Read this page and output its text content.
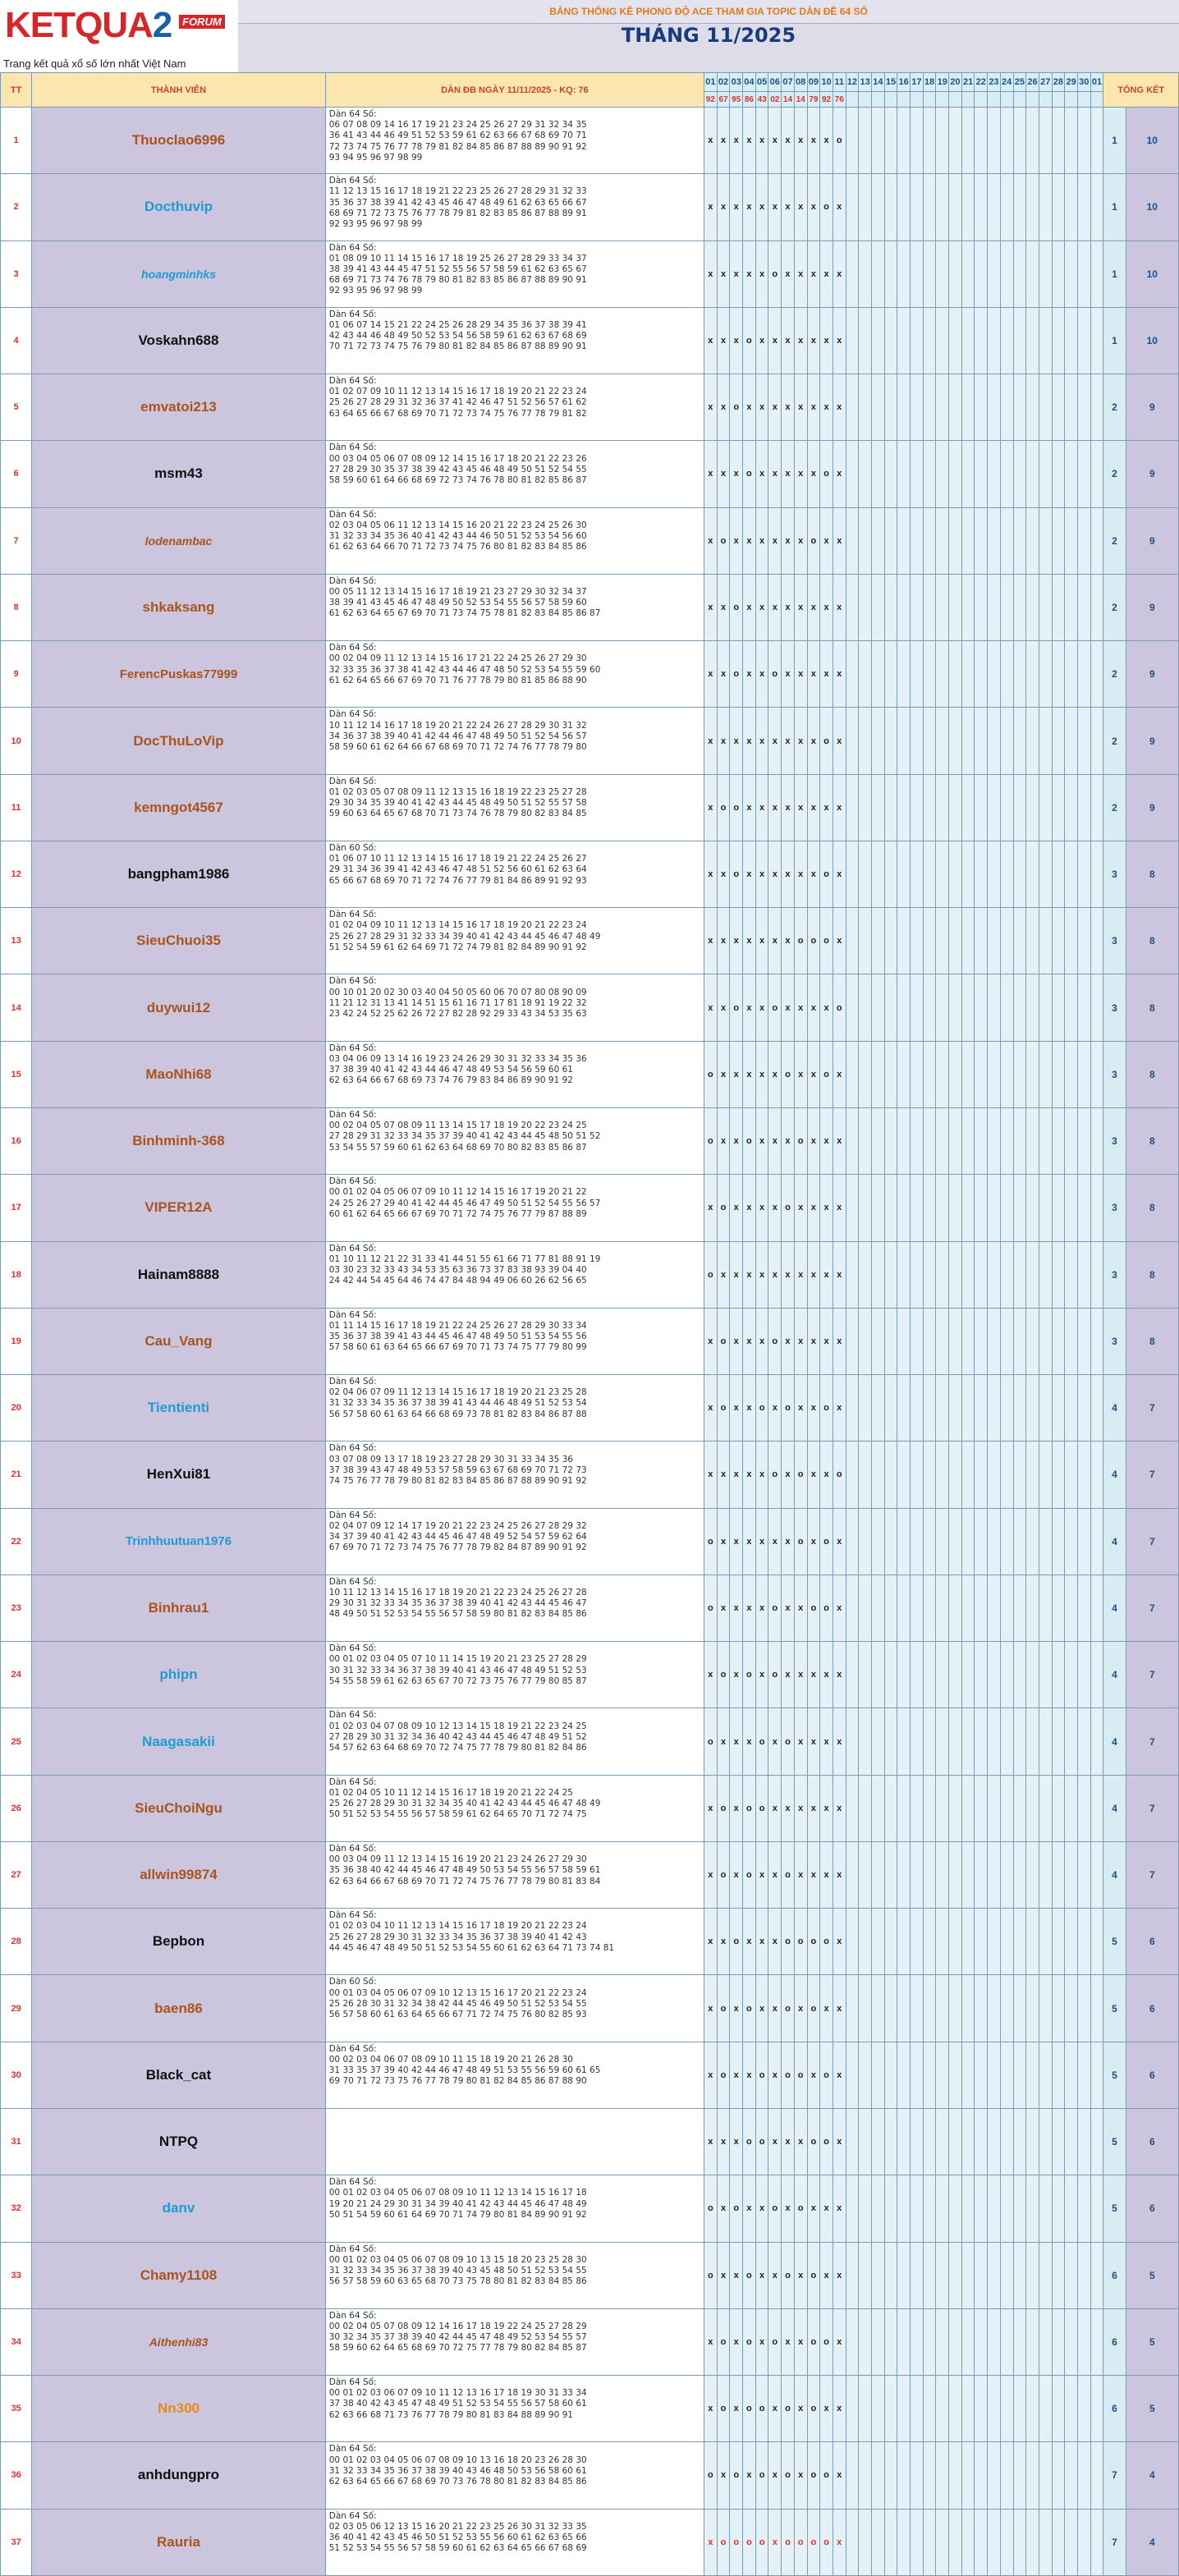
KETQUA2 FORUM
Trang kết quả xổ số lớn nhất Việt Nam
BẢNG THỐNG KÊ PHONG ĐỘ ACE THAM GIA TOPIC DÀN ĐỀ 64 SỐ
THÁNG 11/2025
TT	THÀNH VIÊN	DÀN ĐB NGÀY 11/11/2025 - KQ: 76	01	02	03	04	05	06	07	08	09	10	11	12	13	14	15	16	17	18	19	20	21	22	23	24	25	26	27	28	29	30	01	TỔNG KẾT	
			92	67	95	86	43	02	14	14	79	92	76																						
1	Thuoclao6996	Dàn 64 Số:
06 07 08 09 14 16 17 19 21 23 24 25 26 27 29 31 32 34 35
36 41 43 44 46 49 51 52 53 59 61 62 63 66 67 68 69 70 71
72 73 74 75 76 77 78 79 81 82 84 85 86 87 88 89 90 91 92
93 94 95 96 97 98 99	x	x	x	x	x	x	x	x	x	x	o																					1	10
2	Docthuvip	Dàn 64 Số:
11 12 13 15 16 17 18 19 21 22 23 25 26 27 28 29 31 32 33
35 36 37 38 39 41 42 43 45 46 47 48 49 61 62 63 65 66 67
68 69 71 72 73 75 76 77 78 79 81 82 83 85 86 87 88 89 91
92 93 95 96 97 98 99	x	x	x	x	x	x	x	x	x	o	x																					1	10
3	hoangminhks	Dàn 64 Số:
01 08 09 10 11 14 15 16 17 18 19 25 26 27 28 29 33 34 37
38 39 41 43 44 45 47 51 52 55 56 57 58 59 61 62 63 65 67
68 69 71 73 74 76 78 79 80 81 82 83 85 86 87 88 89 90 91
92 93 95 96 97 98 99	x	x	x	x	x	o	x	x	x	x	x																					1	10
4	Voskahn688	Dàn 64 Số:
01 06 07 14 15 21 22 24 25 26 28 29 34 35 36 37 38 39 41
42 43 44 46 48 49 50 52 53 54 56 58 59 61 62 63 67 68 69
70 71 72 73 74 75 76 79 80 81 82 84 85 86 87 88 89 90 91	x	x	x	o	x	x	x	x	x	x	x																					1	10
5	emvatoi213	Dàn 64 Số:
01 02 07 09 10 11 12 13 14 15 16 17 18 19 20 21 22 23 24
25 26 27 28 29 31 32 36 37 41 42 46 47 51 52 56 57 61 62
63 64 65 66 67 68 69 70 71 72 73 74 75 76 77 78 79 81 82	x	x	o	x	x	x	x	x	x	x	x																					2	9
6	msm43	Dàn 64 Số:
00 03 04 05 06 07 08 09 12 14 15 16 17 18 20 21 22 23 26
27 28 29 30 35 37 38 39 42 43 45 46 48 49 50 51 52 54 55
58 59 60 61 64 66 68 69 72 73 74 76 78 80 81 82 85 86 87	x	x	x	o	x	x	x	x	x	o	x																					2	9
7	lodenambac	Dàn 64 Số:
02 03 04 05 06 11 12 13 14 15 16 20 21 22 23 24 25 26 30
31 32 33 34 35 36 40 41 42 43 44 46 50 51 52 53 54 56 60
61 62 63 64 66 70 71 72 73 74 75 76 80 81 82 83 84 85 86	x	o	x	x	x	x	x	x	o	x	x																					2	9
8	shkaksang	Dàn 64 Số:
00 05 11 12 13 14 15 16 17 18 19 21 23 27 29 30 32 34 37
38 39 41 43 45 46 47 48 49 50 52 53 54 55 56 57 58 59 60
61 62 63 64 65 67 69 70 71 73 74 75 78 81 82 83 84 85 86 87	x	x	o	x	x	x	x	x	x	x	x																					2	9
9	FerencPuskas77999	Dàn 64 Số:
00 02 04 09 11 12 13 14 15 16 17 21 22 24 25 26 27 29 30
32 33 35 36 37 38 41 42 43 44 46 47 48 50 52 53 54 55 59 60
61 62 64 65 66 67 69 70 71 76 77 78 79 80 81 85 86 88 90	x	x	o	x	x	o	x	x	x	x	x																					2	9
10	DocThuLoVip	Dàn 64 Số:
10 11 12 14 16 17 18 19 20 21 22 24 26 27 28 29 30 31 32
34 36 37 38 39 40 41 42 44 46 47 48 49 50 51 52 54 56 57
58 59 60 61 62 64 66 67 68 69 70 71 72 74 76 77 78 79 80	x	x	x	x	x	x	x	x	x	o	x																					2	9
11	kemngot4567	Dàn 64 Số:
01 02 03 05 07 08 09 11 12 13 15 16 18 19 22 23 25 27 28
29 30 34 35 39 40 41 42 43 44 45 48 49 50 51 52 55 57 58
59 60 63 64 65 67 68 70 71 73 74 76 78 79 80 82 83 84 85	x	o	o	x	x	x	x	x	x	x	x																					2	9
12	bangpham1986	Dàn 60 Số:
01 06 07 10 11 12 13 14 15 16 17 18 19 21 22 24 25 26 27
29 31 34 36 39 41 42 43 46 47 48 51 52 56 60 61 62 63 64
65 66 67 68 69 70 71 72 74 76 77 79 81 84 86 89 91 92 93	x	x	o	x	x	x	x	x	x	o	x																					3	8
13	SieuChuoi35	Dàn 64 Số:
01 02 04 09 10 11 12 13 14 15 16 17 18 19 20 21 22 23 24
25 26 27 28 29 31 32 33 34 39 40 41 42 43 44 45 46 47 48 49
51 52 54 59 61 62 64 69 71 72 74 79 81 82 84 89 90 91 92	x	x	x	x	x	x	x	o	o	o	x																					3	8
14	duywui12	Dàn 64 Số:
00 10 01 20 02 30 03 40 04 50 05 60 06 70 07 80 08 90 09
11 21 12 31 13 41 14 51 15 61 16 71 17 81 18 91 19 22 32
23 42 24 52 25 62 26 72 27 82 28 92 29 33 43 34 53 35 63	x	x	o	x	x	o	x	x	x	x	o																					3	8
15	MaoNhi68	Dàn 64 Số:
03 04 06 09 13 14 16 19 23 24 26 29 30 31 32 33 34 35 36
37 38 39 40 41 42 43 44 46 47 48 49 53 54 56 59 60 61
62 63 64 66 67 68 69 73 74 76 79 83 84 86 89 90 91 92	o	x	x	x	x	x	o	x	x	o	x																					3	8
16	Binhminh-368	Dàn 64 Số:
00 02 04 05 07 08 09 11 13 14 15 17 18 19 20 22 23 24 25
27 28 29 31 32 33 34 35 37 39 40 41 42 43 44 45 48 50 51 52
53 54 55 57 59 60 61 62 63 64 68 69 70 80 82 83 85 86 87	o	x	x	o	x	x	x	o	x	x	x																					3	8
17	VIPER12A	Dàn 64 Số:
00 01 02 04 05 06 07 09 10 11 12 14 15 16 17 19 20 21 22
24 25 26 27 29 40 41 42 44 45 46 47 49 50 51 52 54 55 56 57
60 61 62 64 65 66 67 69 70 71 72 74 75 76 77 79 87 88 89	x	o	x	x	x	x	o	x	x	x	x																					3	8
18	Hainam8888	Dàn 64 Số:
01 10 11 12 21 22 31 33 41 44 51 55 61 66 71 77 81 88 91 19
03 30 23 32 33 43 34 53 35 63 36 73 37 83 38 93 39 04 40
24 42 44 54 45 64 46 74 47 84 48 94 49 06 60 26 62 56 65	o	x	x	x	x	x	x	x	x	x	x																					3	8
19	Cau_Vang	Dàn 64 Số:
01 11 14 15 16 17 18 19 21 22 24 25 26 27 28 29 30 33 34
35 36 37 38 39 41 43 44 45 46 47 48 49 50 51 53 54 55 56
57 58 60 61 63 64 65 66 67 69 70 71 73 74 75 77 79 80 99	x	o	x	x	x	o	x	x	x	x	x																					3	8
20	Tientienti	Dàn 64 Số:
02 04 06 07 09 11 12 13 14 15 16 17 18 19 20 21 23 25 28
31 32 33 34 35 36 37 38 39 41 43 44 46 48 49 51 52 53 54
56 57 58 60 61 63 64 66 68 69 73 78 81 82 83 84 86 87 88	x	o	x	x	o	x	o	x	x	o	x																					4	7
21	HenXui81	Dàn 64 Số:
03 07 08 09 13 17 18 19 23 27 28 29 30 31 33 34 35 36
37 38 39 43 47 48 49 53 57 58 59 63 67 68 69 70 71 72 73
74 75 76 77 78 79 80 81 82 83 84 85 86 87 88 89 90 91 92	x	x	x	x	x	o	x	o	x	x	o																					4	7
22	Trinhhuutuan1976	Dàn 64 Số:
02 04 07 09 12 14 17 19 20 21 22 23 24 25 26 27 28 29 32
34 37 39 40 41 42 43 44 45 46 47 48 49 52 54 57 59 62 64
67 69 70 71 72 73 74 75 76 77 78 79 82 84 87 89 90 91 92	o	x	x	x	x	x	x	o	x	o	x																					4	7
23	Binhrau1	Dàn 64 Số:
10 11 12 13 14 15 16 17 18 19 20 21 22 23 24 25 26 27 28
29 30 31 32 33 34 35 36 37 38 39 40 41 42 43 44 45 46 47
48 49 50 51 52 53 54 55 56 57 58 59 80 81 82 83 84 85 86	o	x	x	x	x	o	x	x	o	o	x																					4	7
24	phipn	Dàn 64 Số:
00 01 02 03 04 05 07 10 11 14 15 19 20 21 23 25 27 28 29
30 31 32 33 34 36 37 38 39 40 41 43 46 47 48 49 51 52 53
54 55 58 59 61 62 63 65 67 70 72 73 75 76 77 79 80 85 87	x	o	x	o	x	o	x	x	x	x	x																					4	7
25	Naagasakii	Dàn 64 Số:
01 02 03 04 07 08 09 10 12 13 14 15 18 19 21 22 23 24 25
27 28 29 30 31 32 34 36 40 42 43 44 45 46 47 48 49 51 52
54 57 62 63 64 68 69 70 72 74 75 77 78 79 80 81 82 84 86	o	x	x	x	o	x	o	x	x	x	x																					4	7
26	SieuChoiNgu	Dàn 64 Số:
01 02 04 05 10 11 12 14 15 16 17 18 19 20 21 22 24 25
25 26 27 28 29 30 31 32 34 35 40 41 42 43 44 45 46 47 48 49
50 51 52 53 54 55 56 57 58 59 61 62 64 65 70 71 72 74 75	x	o	x	o	o	x	x	x	x	x	x																					4	7
27	allwin99874	Dàn 64 Số:
00 03 04 09 11 12 13 14 15 16 19 20 21 23 24 26 27 29 30
35 36 38 40 42 44 45 46 47 48 49 50 53 54 55 56 57 58 59 61
62 63 64 66 67 68 69 70 71 72 74 75 76 77 78 79 80 81 83 84	x	o	x	o	x	x	o	x	x	x	x																					4	7
28	Bepbon	Dàn 64 Số:
01 02 03 04 10 11 12 13 14 15 16 17 18 19 20 21 22 23 24
25 26 27 28 29 30 31 32 33 34 35 36 37 38 39 40 41 42 43
44 45 46 47 48 49 50 51 52 53 54 55 60 61 62 63 64 71 73 74 81	x	x	o	x	x	x	o	o	o	o	x																					5	6
29	baen86	Dàn 60 Số:
00 01 03 04 05 06 07 09 10 12 13 15 16 17 20 21 22 23 24
25 26 28 30 31 32 34 38 42 44 45 46 49 50 51 52 53 54 55
56 57 58 60 61 63 64 65 66 67 71 72 74 75 76 80 82 85 93	x	o	x	o	x	x	o	x	o	x	x																					5	6
30	Black_cat	Dàn 64 Số:
00 02 03 04 06 07 08 09 10 11 15 18 19 20 21 26 28 30
31 33 35 37 39 40 42 44 46 47 48 49 51 53 55 56 59 60 61 65
69 70 71 72 73 75 76 77 78 79 80 81 82 84 85 86 87 88 90	x	o	x	x	o	x	o	o	x	o	x																					5	6
31	NTPQ		x	x	x	o	o	x	x	x	o	o	x																					5	6
32	danv	Dàn 64 Số:
00 01 02 03 04 05 06 07 08 09 10 11 12 13 14 15 16 17 18
19 20 21 24 29 30 31 34 39 40 41 42 43 44 45 46 47 48 49
50 51 54 59 60 61 64 69 70 71 74 79 80 81 84 89 90 91 92	o	x	o	x	x	o	x	o	x	x	x																					5	6
33	Chamy1108	Dàn 64 Số:
00 01 02 03 04 05 06 07 08 09 10 13 15 18 20 23 25 28 30
31 32 33 34 35 36 37 38 39 40 43 45 48 50 51 52 53 54 55
56 57 58 59 60 63 65 68 70 73 75 78 80 81 82 83 84 85 86	o	x	x	o	x	x	o	x	o	x	x																					6	5
34	Aithenhi83	Dàn 64 Số:
00 02 04 05 07 08 09 12 14 16 17 18 19 22 24 25 27 28 29
30 32 34 35 37 38 39 40 42 44 45 47 48 49 52 53 54 55 57
58 59 60 62 64 65 68 69 70 72 75 77 78 79 80 82 84 85 87	x	o	x	o	x	o	x	x	o	o	x																					6	5
35	Nn300	Dàn 64 Số:
00 01 02 03 06 07 09 10 11 12 13 16 17 18 19 30 31 33 34
37 38 40 42 43 45 47 48 49 51 52 53 54 55 56 57 58 60 61
62 63 66 68 71 73 76 77 78 79 80 81 83 84 88 89 90 91	x	o	x	o	o	x	o	x	o	x	x																					6	5
36	anhdungpro	Dàn 64 Số:
00 01 02 03 04 05 06 07 08 09 10 13 16 18 20 23 26 28 30
31 32 33 34 35 36 37 38 39 40 43 46 48 50 53 56 58 60 61
62 63 64 65 66 67 68 69 70 73 76 78 80 81 82 83 84 85 86	o	x	o	x	o	x	o	x	o	o	x																					7	4
37	Rauria	Dàn 64 Số:
02 03 05 06 12 13 15 16 20 21 22 23 25 26 30 31 32 33 35
36 40 41 42 43 45 46 50 51 52 53 55 56 60 61 62 63 65 66
51 52 53 54 55 56 57 58 59 60 61 62 63 64 65 66 67 68 69	x	o	o	o	o	x	o	o	o	o	x																					7	4
